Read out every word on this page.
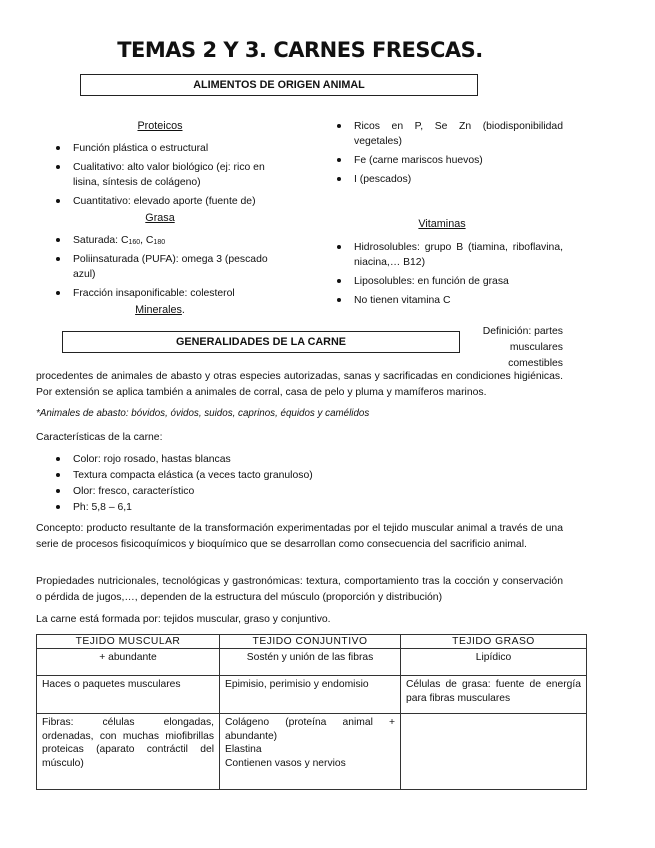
TEMAS 2 Y 3. CARNES FRESCAS.
ALIMENTOS DE ORIGEN ANIMAL
Proteicos
Función plástica o estructural
Cualitativo: alto valor biológico (ej: rico en lisina, síntesis de colágeno)
Cuantitativo: elevado aporte (fuente de)
Grasa
Saturada: $C_{160}$, $C_{180}$
Poliinsaturada (PUFA): omega 3 (pescado azul)
Fracción insaponificable: colesterol
Minerales.
Ricos en P, Se Zn (biodisponibilidad vegetales)
Fe (carne mariscos huevos)
I (pescados)
Vitaminas
Hidrosolubles: grupo B (tiamina, riboflavina, niacina,… B12)
Liposolubles: en función de grasa
No tienen vitamina C
GENERALIDADES DE LA CARNE
Definición: partes
musculares
comestibles
procedentes de animales de abasto y otras especies autorizadas, sanas y sacrificadas en condiciones higiénicas. Por extensión se aplica también a animales de corral, casa de pelo y pluma y mamíferos marinos.
*Animales de abasto: bóvidos, óvidos, suidos, caprinos, équidos y camélidos
Características de la carne:
Color: rojo rosado, hastas blancas
Textura compacta elástica (a veces tacto granuloso)
Olor: fresco, característico
Ph: 5,8 – 6,1
Concepto: producto resultante de la transformación experimentadas por el tejido muscular animal a través de una serie de procesos fisicoquímicos y bioquímico que se desarrollan como consecuencia del sacrificio animal.
Propiedades nutricionales, tecnológicas y gastronómicas: textura, comportamiento tras la cocción y conservación o pérdida de jugos,…, dependen de la estructura del músculo (proporción y distribución)
La carne está formada por: tejidos muscular, graso y conjuntivo.
TEJIDO MUSCULAR	TEJIDO CONJUNTIVO	TEJIDO GRASO
+ abundante	Sostén y unión de las fibras	Lipídico
Haces o paquetes musculares	Epimisio, perimisio y endomisio	Células de grasa: fuente de energía para fibras musculares
Fibras: células elongadas, ordenadas, con muchas miofibrillas proteicas (aparato contráctil del músculo)	Colágeno (proteína animal + abundante)
Elastina
Contienen vasos y nervios	
